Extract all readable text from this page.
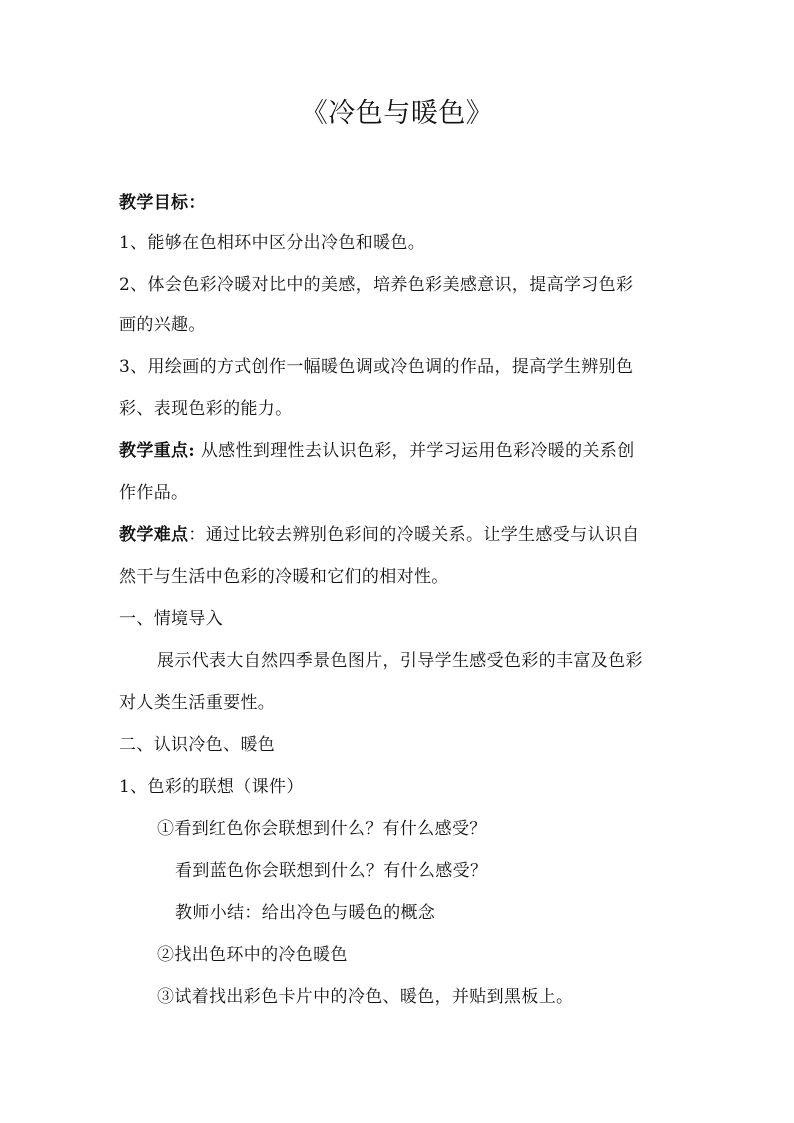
《冷色与暖色》
教学目标：
1、能够在色相环中区分出冷色和暖色。
2、体会色彩冷暖对比中的美感，培养色彩美感意识，提高学习色彩
画的兴趣。
3、用绘画的方式创作一幅暖色调或冷色调的作品，提高学生辨别色
彩、表现色彩的能力。
教学重点: 从感性到理性去认识色彩，并学习运用色彩冷暖的关系创
作作品。
教学难点：通过比较去辨别色彩间的冷暖关系。让学生感受与认识自
然干与生活中色彩的冷暖和它们的相对性。
一、情境导入
展示代表大自然四季景色图片，引导学生感受色彩的丰富及色彩
对人类生活重要性。
二、认识冷色、暖色
1、色彩的联想（课件）
①看到红色你会联想到什么？有什么感受？
看到蓝色你会联想到什么？有什么感受？
教师小结：给出冷色与暖色的概念
②找出色环中的冷色暖色
③试着找出彩色卡片中的冷色、暖色，并贴到黑板上。
